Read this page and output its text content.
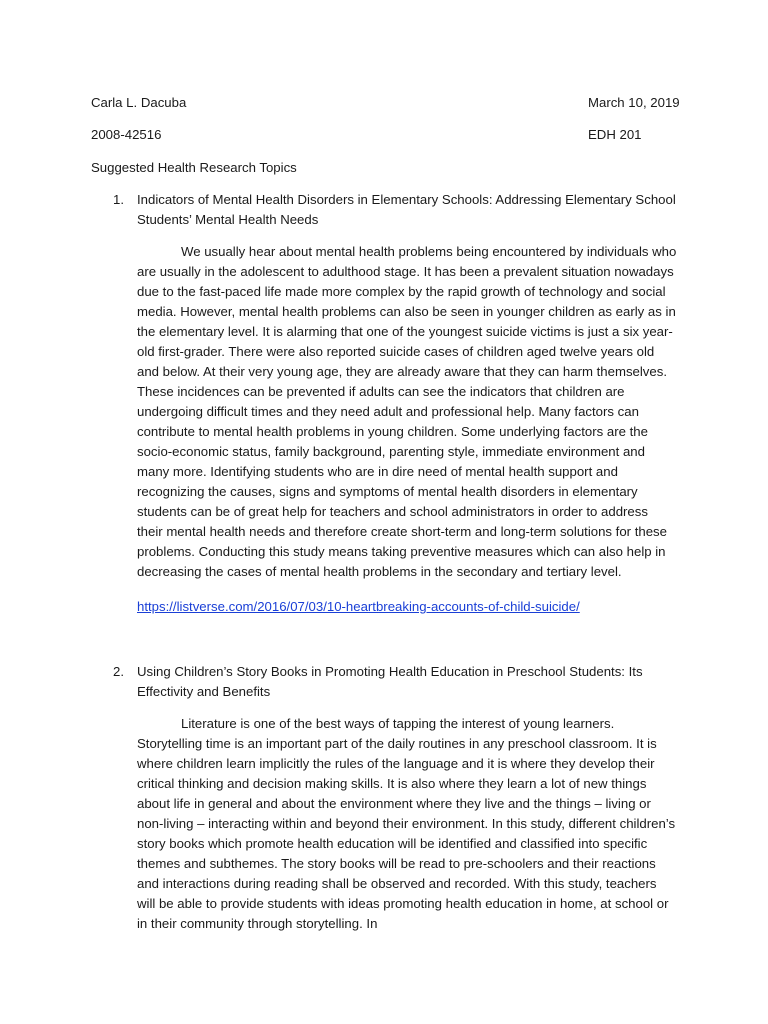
Carla L. Dacuba	March 10, 2019
2008-42516	EDH 201
Suggested Health Research Topics
1. Indicators of Mental Health Disorders in Elementary Schools: Addressing Elementary School Students’ Mental Health Needs

We usually hear about mental health problems being encountered by individuals who are usually in the adolescent to adulthood stage. It has been a prevalent situation nowadays due to the fast-paced life made more complex by the rapid growth of technology and social media. However, mental health problems can also be seen in younger children as early as in the elementary level. It is alarming that one of the youngest suicide victims is just a six year-old first-grader. There were also reported suicide cases of children aged twelve years old and below. At their very young age, they are already aware that they can harm themselves. These incidences can be prevented if adults can see the indicators that children are undergoing difficult times and they need adult and professional help. Many factors can contribute to mental health problems in young children. Some underlying factors are the socio-economic status, family background, parenting style, immediate environment and many more. Identifying students who are in dire need of mental health support and recognizing the causes, signs and symptoms of mental health disorders in elementary students can be of great help for teachers and school administrators in order to address their mental health needs and therefore create short-term and long-term solutions for these problems. Conducting this study means taking preventive measures which can also help in decreasing the cases of mental health problems in the secondary and tertiary level.

https://listverse.com/2016/07/03/10-heartbreaking-accounts-of-child-suicide/
2. Using Children’s Story Books in Promoting Health Education in Preschool Students: Its Effectivity and Benefits

Literature is one of the best ways of tapping the interest of young learners. Storytelling time is an important part of the daily routines in any preschool classroom. It is where children learn implicitly the rules of the language and it is where they develop their critical thinking and decision making skills. It is also where they learn a lot of new things about life in general and about the environment where they live and the things – living or non-living – interacting within and beyond their environment. In this study, different children’s story books which promote health education will be identified and classified into specific themes and subthemes. The story books will be read to pre-schoolers and their reactions and interactions during reading shall be observed and recorded. With this study, teachers will be able to provide students with ideas promoting health education in home, at school or in their community through storytelling. In
